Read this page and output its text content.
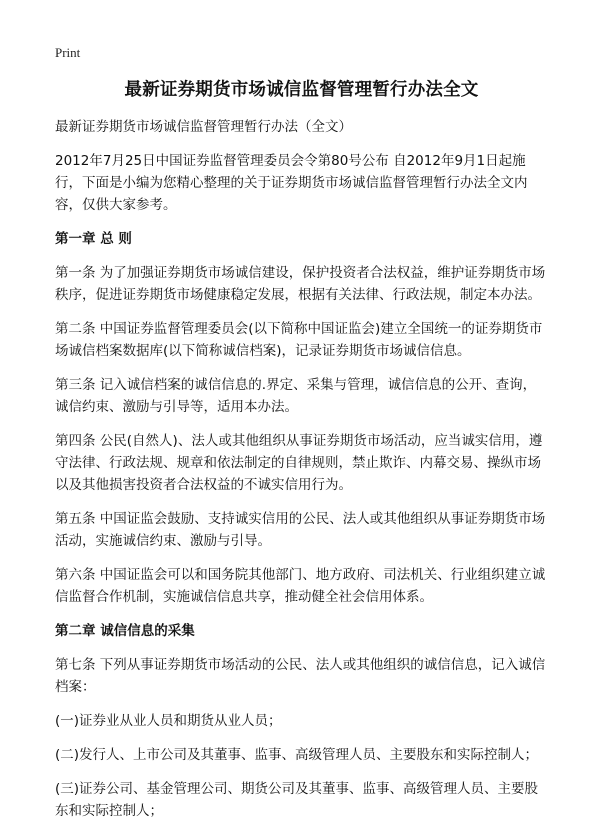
Print
最新证券期货市场诚信监督管理暂行办法全文

最新证券期货市场诚信监督管理暂行办法（全文）

2012年7月25日中国证券监督管理委员会令第80号公布 自2012年9月1日起施行，下面是小编为您精心整理的关于证券期货市场诚信监督管理暂行办法全文内容，仅供大家参考。

第一章 总 则

第一条 为了加强证券期货市场诚信建设，保护投资者合法权益，维护证券期货市场秩序，促进证券期货市场健康稳定发展，根据有关法律、行政法规，制定本办法。

第二条 中国证券监督管理委员会(以下简称中国证监会)建立全国统一的证券期货市场诚信档案数据库(以下简称诚信档案)，记录证券期货市场诚信信息。

第三条 记入诚信档案的诚信信息的.界定、采集与管理，诚信信息的公开、查询，诚信约束、激励与引导等，适用本办法。

第四条 公民(自然人)、法人或其他组织从事证券期货市场活动，应当诚实信用，遵守法律、行政法规、规章和依法制定的自律规则，禁止欺诈、内幕交易、操纵市场以及其他损害投资者合法权益的不诚实信用行为。

第五条 中国证监会鼓励、支持诚实信用的公民、法人或其他组织从事证券期货市场活动，实施诚信约束、激励与引导。

第六条 中国证监会可以和国务院其他部门、地方政府、司法机关、行业组织建立诚信监督合作机制，实施诚信信息共享，推动健全社会信用体系。

第二章 诚信信息的采集

第七条 下列从事证券期货市场活动的公民、法人或其他组织的诚信信息，记入诚信档案：

(一)证券业从业人员和期货从业人员；

(二)发行人、上市公司及其董事、监事、高级管理人员、主要股东和实际控制人；

(三)证券公司、基金管理公司、期货公司及其董事、监事、高级管理人员、主要股东和实际控制人；
